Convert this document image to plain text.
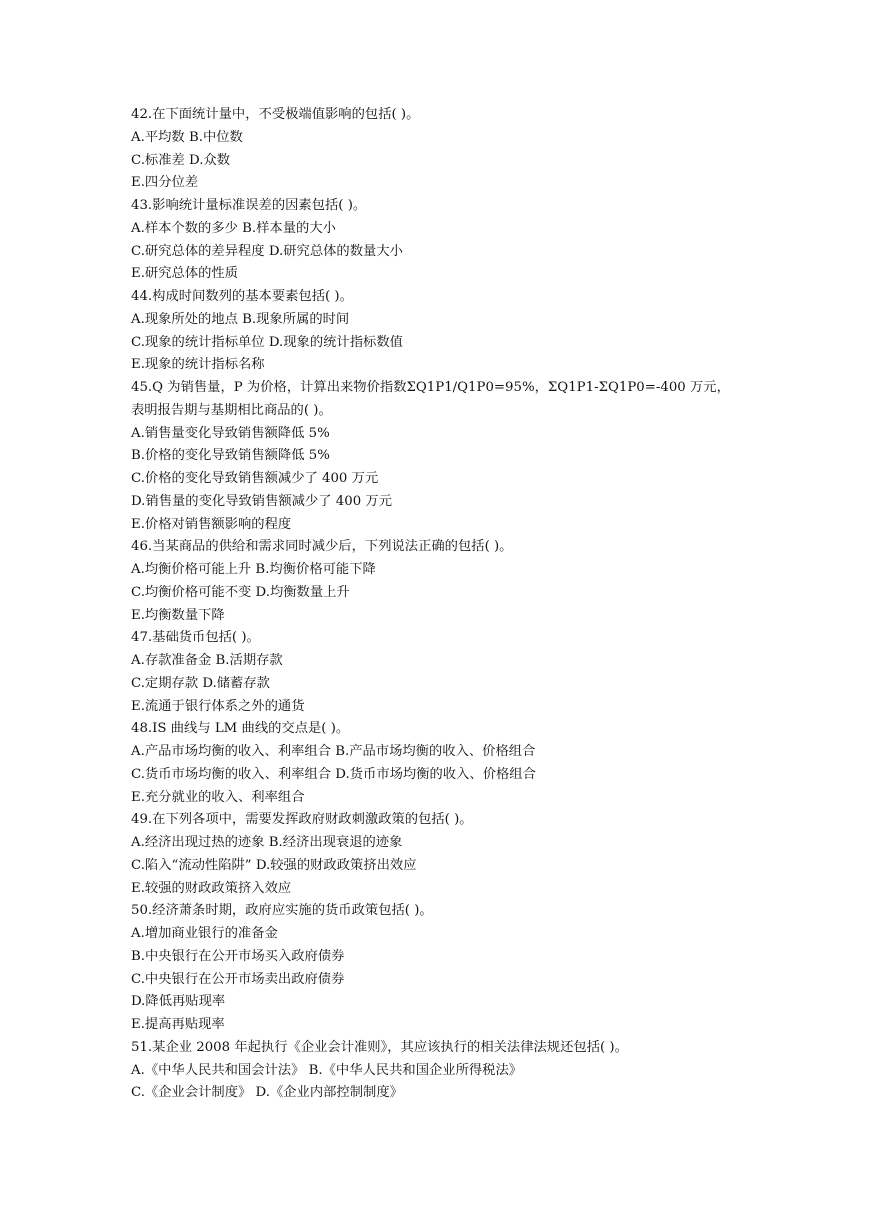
42.在下面统计量中，不受极端值影响的包括( )。
A.平均数 B.中位数
C.标准差 D.众数
E.四分位差
43.影响统计量标准误差的因素包括( )。
A.样本个数的多少 B.样本量的大小
C.研究总体的差异程度 D.研究总体的数量大小
E.研究总体的性质
44.构成时间数列的基本要素包括( )。
A.现象所处的地点 B.现象所属的时间
C.现象的统计指标单位 D.现象的统计指标数值
E.现象的统计指标名称
45.Q 为销售量，P 为价格，计算出来物价指数ΣQ1P1/Q1P0=95%，ΣQ1P1-ΣQ1P0=-400 万元，
表明报告期与基期相比商品的( )。
A.销售量变化导致销售额降低 5%
B.价格的变化导致销售额降低 5%
C.价格的变化导致销售额减少了 400 万元
D.销售量的变化导致销售额减少了 400 万元
E.价格对销售额影响的程度
46.当某商品的供给和需求同时减少后，下列说法正确的包括( )。
A.均衡价格可能上升 B.均衡价格可能下降
C.均衡价格可能不变 D.均衡数量上升
E.均衡数量下降
47.基础货币包括( )。
A.存款准备金 B.活期存款
C.定期存款 D.储蓄存款
E.流通于银行体系之外的通货
48.IS 曲线与 LM 曲线的交点是( )。
A.产品市场均衡的收入、利率组合 B.产品市场均衡的收入、价格组合
C.货币市场均衡的收入、利率组合 D.货币市场均衡的收入、价格组合
E.充分就业的收入、利率组合
49.在下列各项中，需要发挥政府财政刺激政策的包括( )。
A.经济出现过热的迹象 B.经济出现衰退的迹象
C.陷入“流动性陷阱” D.较强的财政政策挤出效应
E.较强的财政政策挤入效应
50.经济萧条时期，政府应实施的货币政策包括( )。
A.增加商业银行的准备金
B.中央银行在公开市场买入政府债券
C.中央银行在公开市场卖出政府债券
D.降低再贴现率
E.提高再贴现率
51.某企业 2008 年起执行《企业会计准则》，其应该执行的相关法律法规还包括( )。
A.《中华人民共和国会计法》 B.《中华人民共和国企业所得税法》
C.《企业会计制度》 D.《企业内部控制制度》
